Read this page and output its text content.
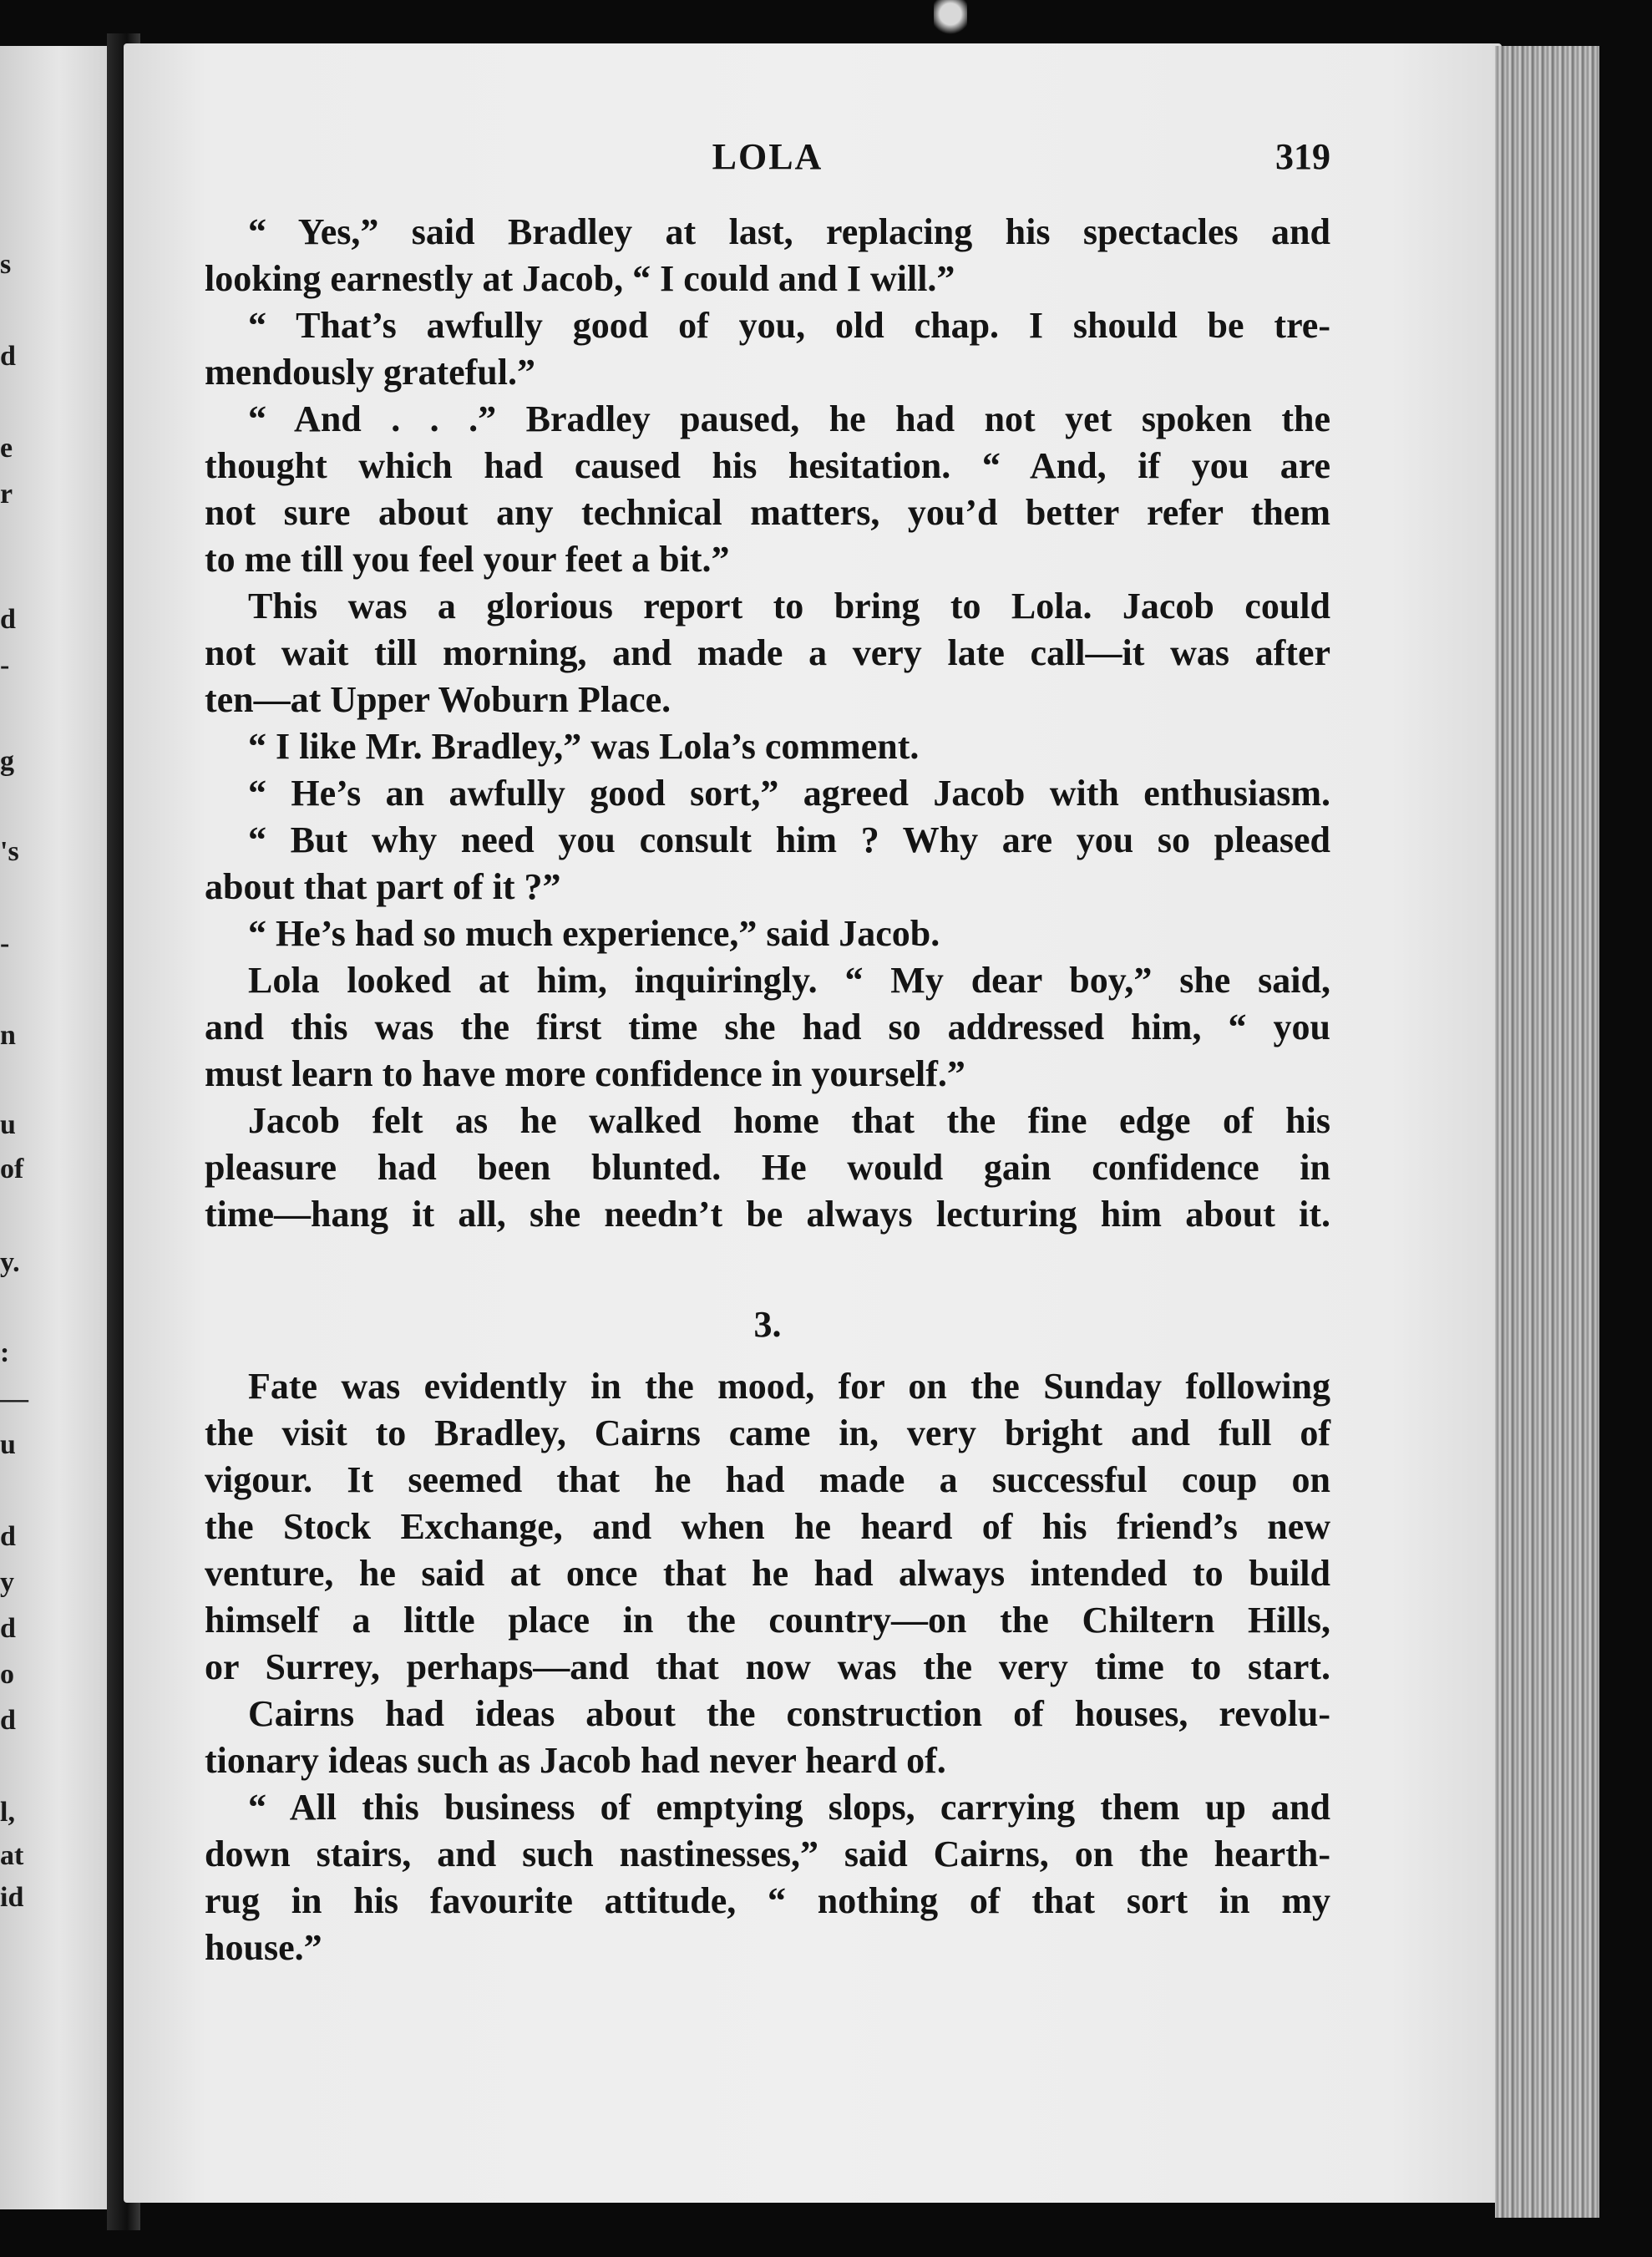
s
d
e
r
d
-
g
's
-
n
u
of
y.
:
—
u
d
y
d
o
d
l,
at
id
LOLA	319
“ Yes,” said Bradley at last, replacing his spectacles and
looking earnestly at Jacob, “ I could and I will.”
“ That’s awfully good of you, old chap. I should be tre-
mendously grateful.”
“ And . . .” Bradley paused, he had not yet spoken the
thought which had caused his hesitation. “ And, if you are
not sure about any technical matters, you’d better refer them
to me till you feel your feet a bit.”
This was a glorious report to bring to Lola. Jacob could
not wait till morning, and made a very late call—it was after
ten—at Upper Woburn Place.
“ I like Mr. Bradley,” was Lola’s comment.
“ He’s an awfully good sort,” agreed Jacob with enthusiasm.
“ But why need you consult him ? Why are you so pleased
about that part of it ?”
“ He’s had so much experience,” said Jacob.
Lola looked at him, inquiringly. “ My dear boy,” she said,
and this was the first time she had so addressed him, “ you
must learn to have more confidence in yourself.”
Jacob felt as he walked home that the fine edge of his
pleasure had been blunted. He would gain confidence in
time—hang it all, she needn’t be always lecturing him about it.
3.
Fate was evidently in the mood, for on the Sunday following
the visit to Bradley, Cairns came in, very bright and full of
vigour. It seemed that he had made a successful coup on
the Stock Exchange, and when he heard of his friend’s new
venture, he said at once that he had always intended to build
himself a little place in the country—on the Chiltern Hills,
or Surrey, perhaps—and that now was the very time to start.
Cairns had ideas about the construction of houses, revolu-
tionary ideas such as Jacob had never heard of.
“ All this business of emptying slops, carrying them up and
down stairs, and such nastinesses,” said Cairns, on the hearth-
rug in his favourite attitude, “ nothing of that sort in my
house.”
